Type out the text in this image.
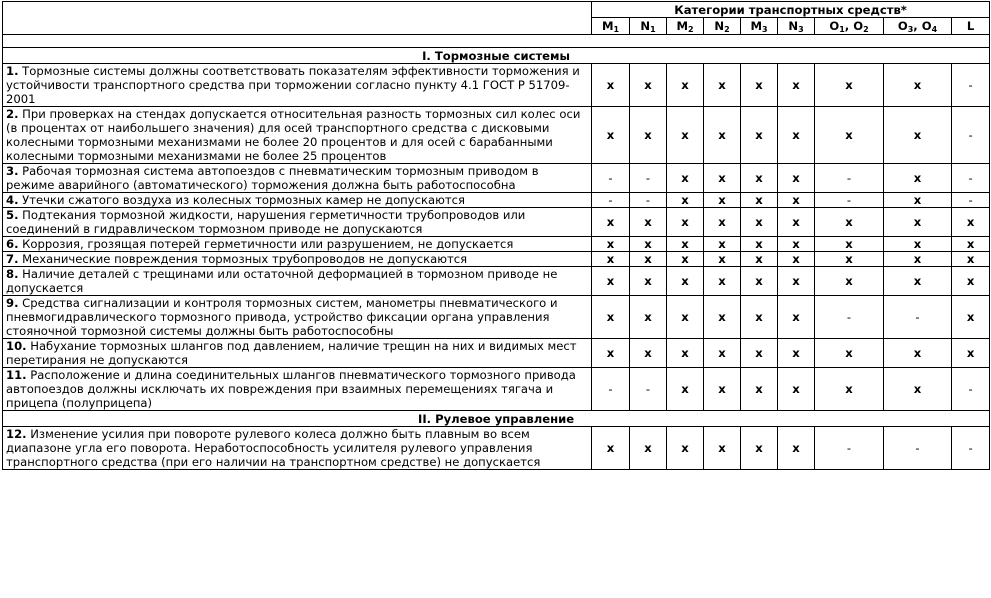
	Категории транспортных средств*								
	$M_1$	$N_1$	$M_2$	$N_2$	$M_3$	$N_3$	$O_1$, $O_2$	$O_3$, $O_4$	L

I. Тормозные системы									
1. Тормозные системы должны соответствовать показателям эффективности торможения и устойчивости транспортного средства при торможении согласно пункту 4.1 ГОСТ Р 51709-2001	x	x	x	x	x	x	x	x	-
2. При проверках на стендах допускается относительная разность тормозных сил колес оси (в процентах от наибольшего значения) для осей транспортного средства с дисковыми колесными тормозными механизмами не более 20 процентов и для осей с барабанными колесными тормозными механизмами не более 25 процентов	x	x	x	x	x	x	x	x	-
3. Рабочая тормозная система автопоездов с пневматическим тормозным приводом в режиме аварийного (автоматического) торможения должна быть работоспособна	-	-	x	x	x	x	-	x	-
4. Утечки сжатого воздуха из колесных тормозных камер не допускаются	-	-	x	x	x	x	-	x	-
5. Подтекания тормозной жидкости, нарушения герметичности трубопроводов или соединений в гидравлическом тормозном приводе не допускаются	x	x	x	x	x	x	x	x	x
6. Коррозия, грозящая потерей герметичности или разрушением, не допускается	x	x	x	x	x	x	x	x	x
7. Механические повреждения тормозных трубопроводов не допускаются	x	x	x	x	x	x	x	x	x
8. Наличие деталей с трещинами или остаточной деформацией в тормозном приводе не допускается	x	x	x	x	x	x	x	x	x
9. Средства сигнализации и контроля тормозных систем, манометры пневматического и пневмогидравлического тормозного привода, устройство фиксации органа управления стояночной тормозной системы должны быть работоспособны	x	x	x	x	x	x	-	-	x
10. Набухание тормозных шлангов под давлением, наличие трещин на них и видимых мест перетирания не допускаются	x	x	x	x	x	x	x	x	x
11. Расположение и длина соединительных шлангов пневматического тормозного привода автопоездов должны исключать их повреждения при взаимных перемещениях тягача и прицепа (полуприцепа)	-	-	x	x	x	x	x	x	-
II. Рулевое управление									
12. Изменение усилия при повороте рулевого колеса должно быть плавным во всем диапазоне угла его поворота. Неработоспособность усилителя рулевого управления транспортного средства (при его наличии на транспортном средстве) не допускается	x	x	x	x	x	x	-	-	-
